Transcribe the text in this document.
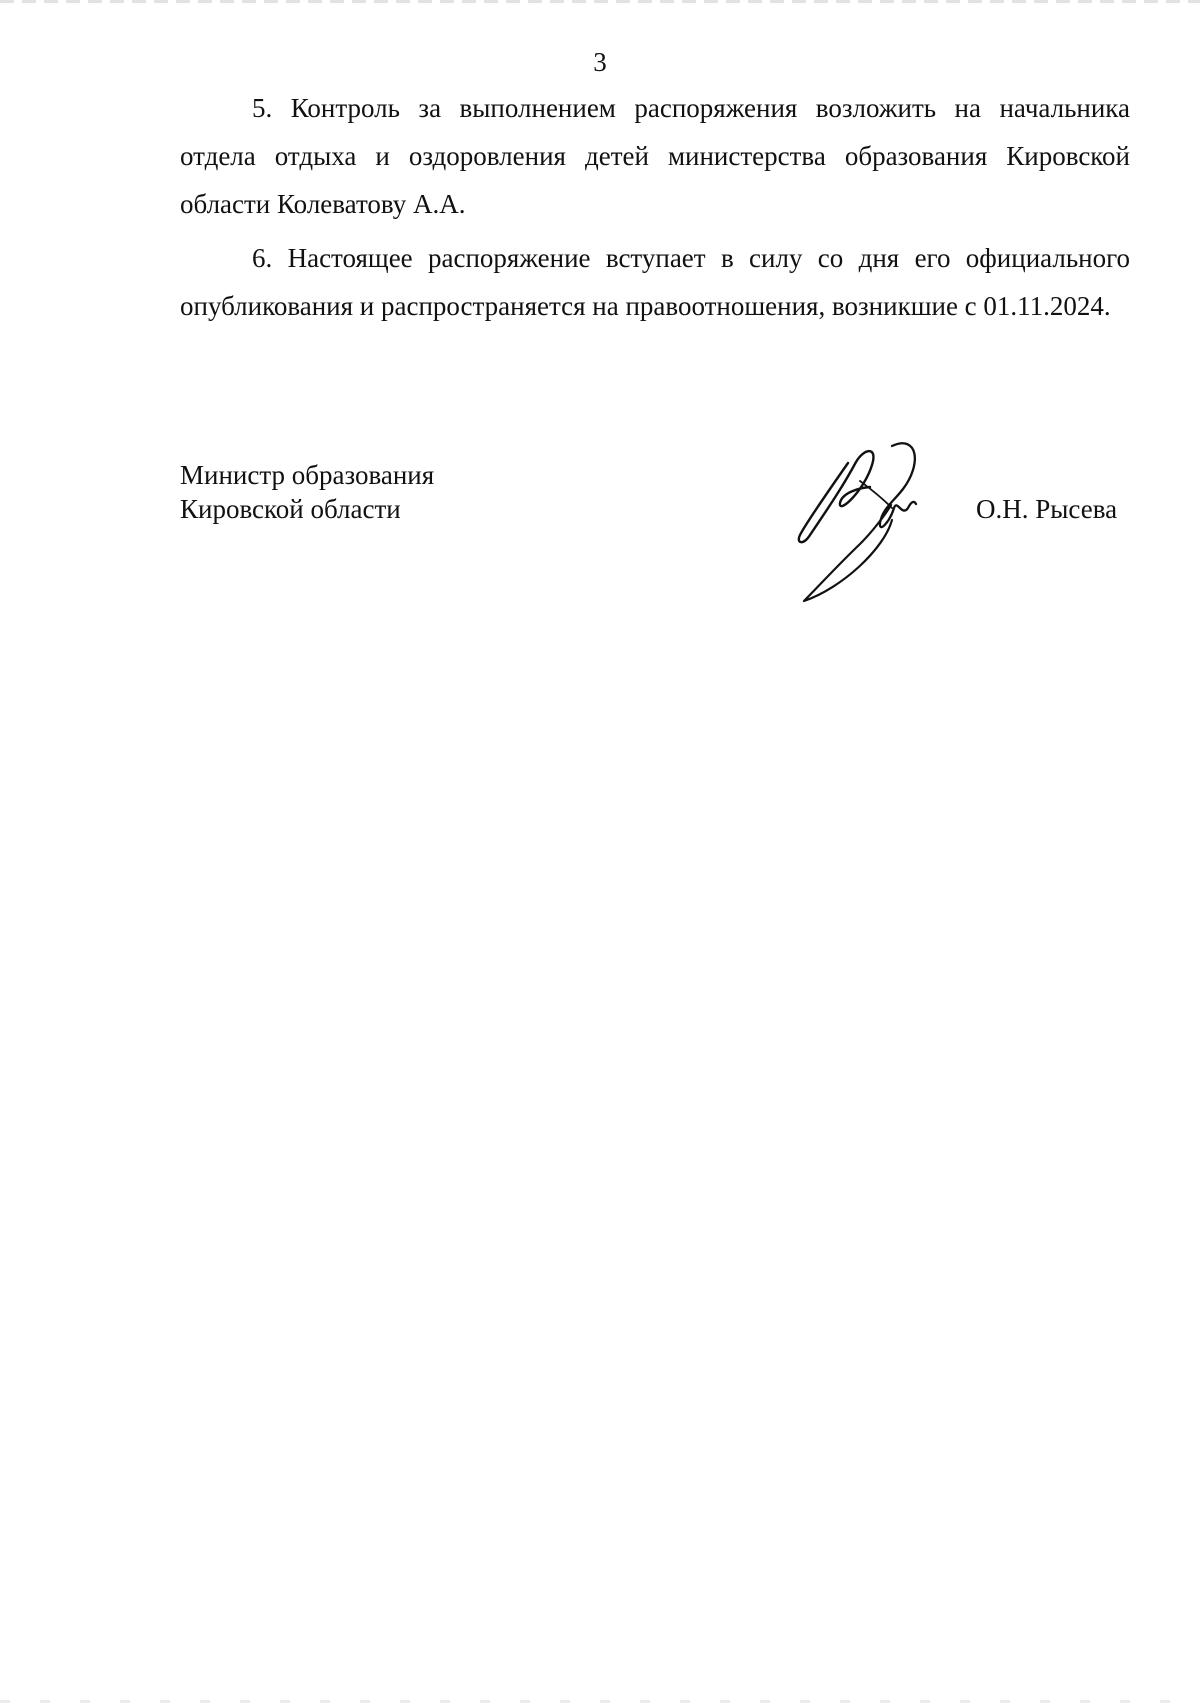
3

5. Контроль за выполнением распоряжения возложить на начальника отдела отдыха и оздоровления детей министерства образования Кировской области Колеватову А.А.

6. Настоящее распоряжение вступает в силу со дня его официального опубликования и распространяется на правоотношения, возникшие с 01.11.2024.

Министр образования
Кировской области	О.Н. Рысева
